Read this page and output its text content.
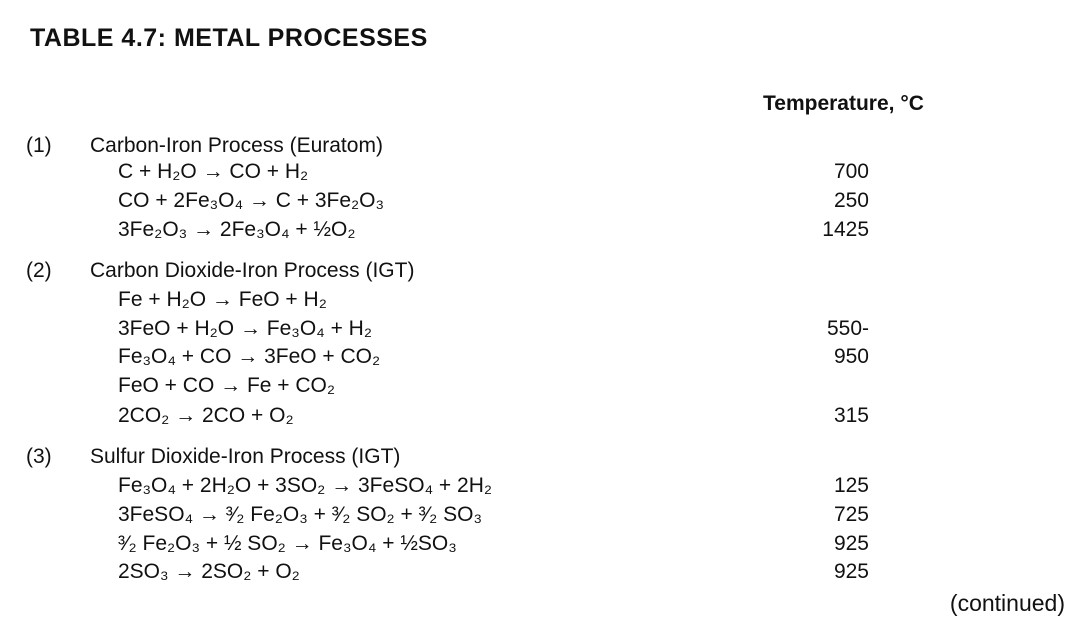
TABLE 4.7: METAL PROCESSES
Temperature, °C
(1) Carbon-Iron Process (Euratom)
C + H₂O → CO + H₂	700
CO + 2Fe₃O₄ → C + 3Fe₂O₃	250
3Fe₂O₃ → 2Fe₃O₄ + ½O₂	1425
(2) Carbon Dioxide-Iron Process (IGT)
Fe + H₂O → FeO + H₂
3FeO + H₂O → Fe₃O₄ + H₂	550-
Fe₃O₄ + CO → 3FeO + CO₂	950
FeO + CO → Fe + CO₂
2CO₂ → 2CO + O₂	315
(3) Sulfur Dioxide-Iron Process (IGT)
Fe₃O₄ + 2H₂O + 3SO₂ → 3FeSO₄ + 2H₂	125
3FeSO₄ → ³⁄₂ Fe₂O₃ + ³⁄₂ SO₂ + ³⁄₂ SO₃	725
³⁄₂ Fe₂O₃ + ½ SO₂ → Fe₃O₄ + ½SO₃	925
2SO₃ → 2SO₂ + O₂	925
(continued)
